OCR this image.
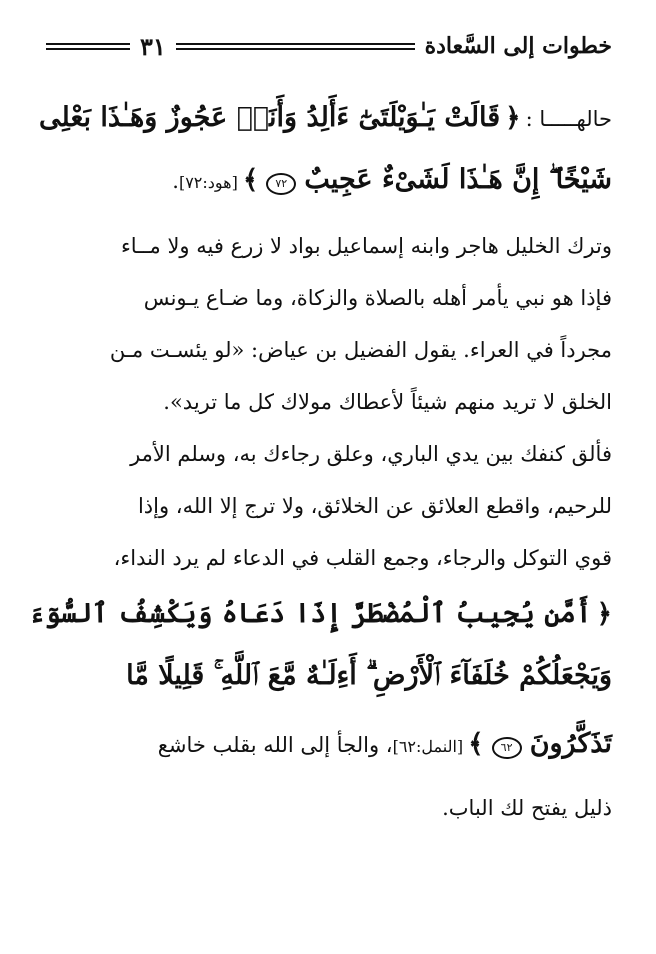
خطوات إلى السَّعادة
٣١
حالهـــــا : ﴿ قَالَتْ يَـٰوَيْلَتَىٰٓ ءَأَلِدُ وَأَنَا۠ عَجُوزٌ وَهَـٰذَا بَعْلِى
شَيْخًا ۖ إِنَّ هَـٰذَا لَشَىْءٌ عَجِيبٌ ٧٢ ﴾ [هود:٧٢].
وترك الخليل هاجر وابنه إسماعيل بواد لا زرع فيه ولا مــاء
فإذا هو نبي يأمر أهله بالصلاة والزكاة، وما ضـاع يـونس
مجرداً في العراء. يقول الفضيل بن عياض: «لو يئسـت مـن
الخلق لا تريد منهم شيئاً لأعطاك مولاك كل ما تريد».
فألق كنفك بين يدي الباري، وعلق رجاءك به، وسلم الأمر
للرحيم، واقطع العلائق عن الخلائق، ولا ترج إلا الله، وإذا
قوي التوكل والرجاء، وجمع القلب في الدعاء لم يرد النداء،
﴿ أَمَّن يُجِيبُ ٱلْمُضْطَرَّ إِذَا دَعَاهُ وَيَكْشِفُ ٱلسُّوٓءَ
وَيَجْعَلُكُمْ خُلَفَآءَ ٱلْأَرْضِ ۗ أَءِلَـٰهٌ مَّعَ ٱللَّهِ ۚ قَلِيلًا مَّا
تَذَكَّرُونَ ٦٢ ﴾ [النمل:٦٢]، والجأ إلى الله بقلب خاشع
ذليل يفتح لك الباب.
